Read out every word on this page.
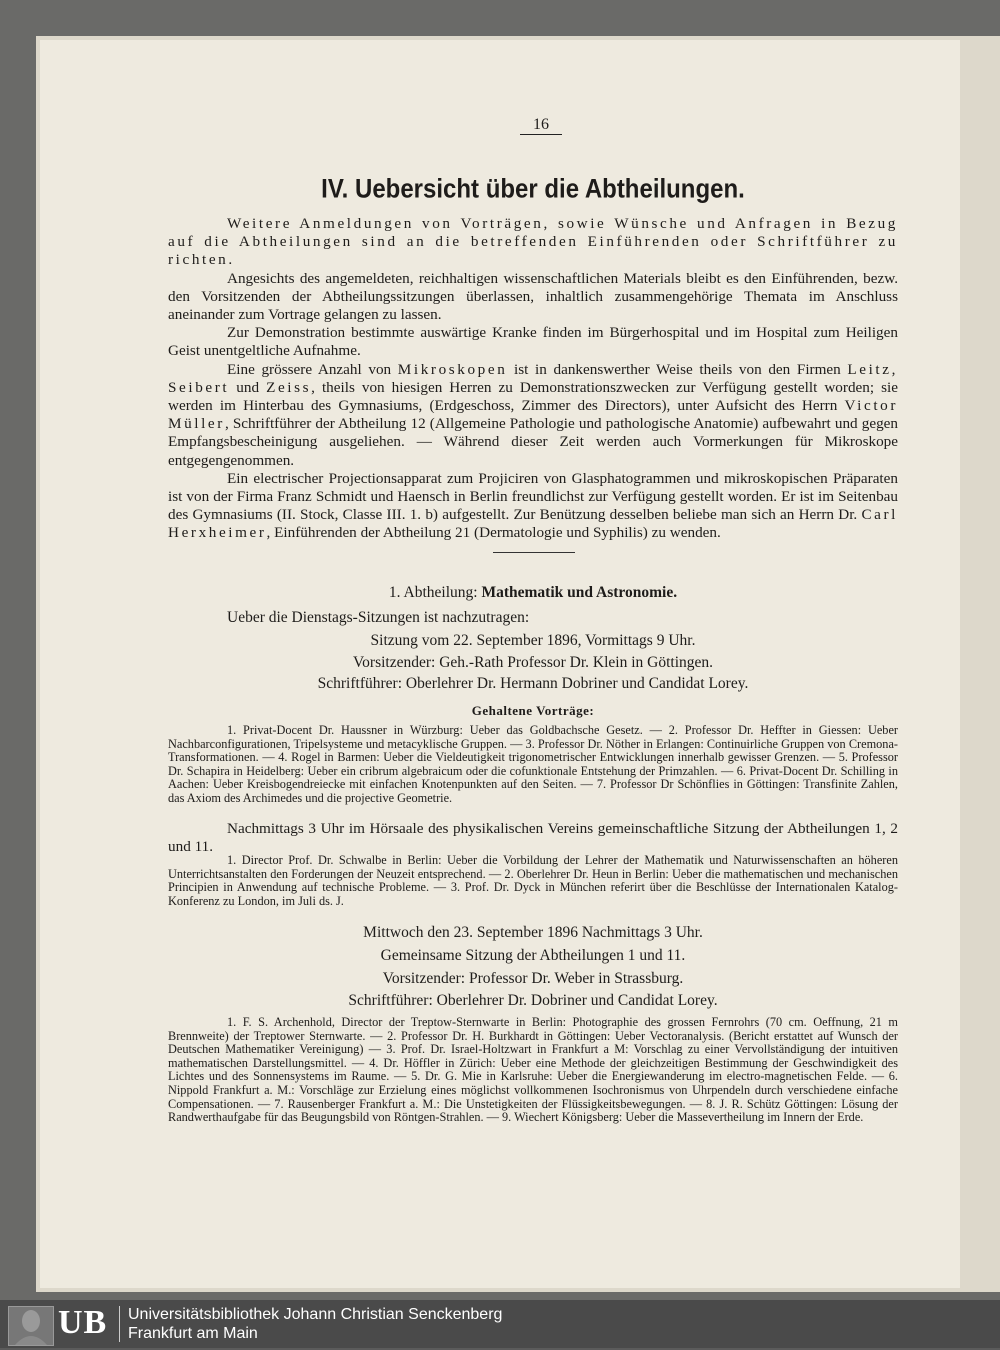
16
IV. Uebersicht über die Abtheilungen.

Weitere Anmeldungen von Vorträgen, sowie Wünsche und Anfragen in Bezug auf die Abtheilungen sind an die betreffenden Einführenden oder Schriftführer zu richten.

Angesichts des angemeldeten, reichhaltigen wissenschaftlichen Materials bleibt es den Einführenden, bezw. den Vorsitzenden der Abtheilungssitzungen überlassen, inhaltlich zusammengehörige Themata im Anschluss aneinander zum Vortrage gelangen zu lassen.

Zur Demonstration bestimmte auswärtige Kranke finden im Bürgerhospital und im Hospital zum Heiligen Geist unentgeltliche Aufnahme.

Eine grössere Anzahl von Mikroskopen ist in dankenswerther Weise theils von den Firmen Leitz, Seibert und Zeiss, theils von hiesigen Herren zu Demonstrationszwecken zur Verfügung gestellt worden; sie werden im Hinterbau des Gymnasiums, (Erdgeschoss, Zimmer des Directors), unter Aufsicht des Herrn Victor Müller, Schriftführer der Abtheilung 12 (Allgemeine Pathologie und pathologische Anatomie) aufbewahrt und gegen Empfangsbescheinigung ausgeliehen. — Während dieser Zeit werden auch Vormerkungen für Mikroskope entgegengenommen.

Ein electrischer Projectionsapparat zum Projiciren von Glasphatogrammen und mikroskopischen Präparaten ist von der Firma Franz Schmidt und Haensch in Berlin freundlichst zur Verfügung gestellt worden. Er ist im Seitenbau des Gymnasiums (II. Stock, Classe III. 1. b) aufgestellt. Zur Benützung desselben beliebe man sich an Herrn Dr. Carl Herxheimer, Einführenden der Abtheilung 21 (Dermatologie und Syphilis) zu wenden.

1. Abtheilung: Mathematik und Astronomie.
Ueber die Dienstags-Sitzungen ist nachzutragen:
Sitzung vom 22. September 1896, Vormittags 9 Uhr.
Vorsitzender: Geh.-Rath Professor Dr. Klein in Göttingen.
Schriftführer: Oberlehrer Dr. Hermann Dobriner und Candidat Lorey.
Gehaltene Vorträge:

1. Privat-Docent Dr. Haussner in Würzburg: Ueber das Goldbachsche Gesetz. — 2. Professor Dr. Heffter in Giessen: Ueber Nachbarconfigurationen, Tripelsysteme und metacyklische Gruppen. — 3. Professor Dr. Nöther in Erlangen: Continuirliche Gruppen von Cremona-Transformationen. — 4. Rogel in Barmen: Ueber die Vieldeutigkeit trigonometrischer Entwicklungen innerhalb gewisser Grenzen. — 5. Professor Dr. Schapira in Heidelberg: Ueber ein cribrum algebraicum oder die cofunktionale Entstehung der Primzahlen. — 6. Privat-Docent Dr. Schilling in Aachen: Ueber Kreisbogendreiecke mit einfachen Knotenpunkten auf den Seiten. — 7. Professor Dr Schönflies in Göttingen: Transfinite Zahlen, das Axiom des Archimedes und die projective Geometrie.

Nachmittags 3 Uhr im Hörsaale des physikalischen Vereins gemeinschaftliche Sitzung der Abtheilungen 1, 2 und 11.

1. Director Prof. Dr. Schwalbe in Berlin: Ueber die Vorbildung der Lehrer der Mathematik und Naturwissenschaften an höheren Unterrichtsanstalten den Forderungen der Neuzeit entsprechend. — 2. Oberlehrer Dr. Heun in Berlin: Ueber die mathematischen und mechanischen Principien in Anwendung auf technische Probleme. — 3. Prof. Dr. Dyck in München referirt über die Beschlüsse der Internationalen Katalog-Konferenz zu London, im Juli ds. J.

Mittwoch den 23. September 1896 Nachmittags 3 Uhr.
Gemeinsame Sitzung der Abtheilungen 1 und 11.
Vorsitzender: Professor Dr. Weber in Strassburg.
Schriftführer: Oberlehrer Dr. Dobriner und Candidat Lorey.

1. F. S. Archenhold, Director der Treptow-Sternwarte in Berlin: Photographie des grossen Fernrohrs (70 cm. Oeffnung, 21 m Brennweite) der Treptower Sternwarte. — 2. Professor Dr. H. Burkhardt in Göttingen: Ueber Vectoranalysis. (Bericht erstattet auf Wunsch der Deutschen Mathematiker Vereinigung) — 3. Prof. Dr. Israel-Holtzwart in Frankfurt a M: Vorschlag zu einer Vervollständigung der intuitiven mathematischen Darstellungsmittel. — 4. Dr. Höffler in Zürich: Ueber eine Methode der gleichzeitigen Bestimmung der Geschwindigkeit des Lichtes und des Sonnensystems im Raume. — 5. Dr. G. Mie in Karlsruhe: Ueber die Energiewanderung im electro-magnetischen Felde. — 6. Nippold Frankfurt a. M.: Vorschläge zur Erzielung eines möglichst vollkommenen Isochronismus von Uhrpendeln durch verschiedene einfache Compensationen. — 7. Rausenberger Frankfurt a. M.: Die Unstetigkeiten der Flüssigkeitsbewegungen. — 8. J. R. Schütz Göttingen: Lösung der Randwerthaufgabe für das Beugungsbild von Röntgen-Strahlen. — 9. Wiechert Königsberg: Ueber die Massevertheilung im Innern der Erde.

UB Universitätsbibliothek Johann Christian Senckenberg
Frankfurt am Main
